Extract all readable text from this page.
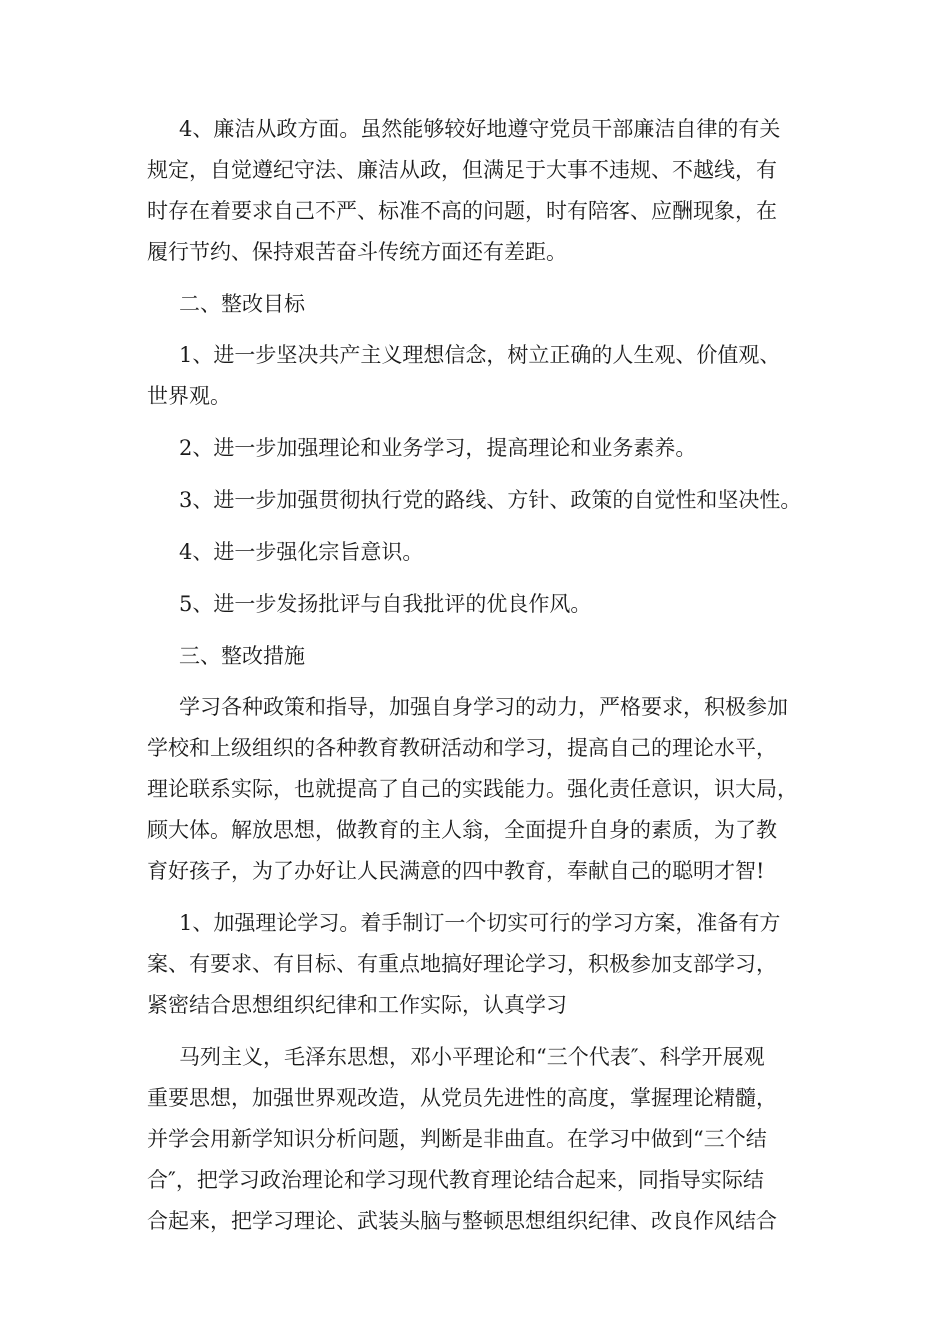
4、廉洁从政方面。虽然能够较好地遵守党员干部廉洁自律的有关

规定，自觉遵纪守法、廉洁从政，但满足于大事不违规、不越线，有

时存在着要求自己不严、标准不高的问题，时有陪客、应酬现象，在

履行节约、保持艰苦奋斗传统方面还有差距。

二、整改目标

1、进一步坚决共产主义理想信念，树立正确的人生观、价值观、

世界观。

2、进一步加强理论和业务学习，提高理论和业务素养。

3、进一步加强贯彻执行党的路线、方针、政策的自觉性和坚决性。

4、进一步强化宗旨意识。

5、进一步发扬批评与自我批评的优良作风。

三、整改措施

学习各种政策和指导，加强自身学习的动力，严格要求，积极参加

学校和上级组织的各种教育教研活动和学习，提高自己的理论水平，

理论联系实际，也就提高了自己的实践能力。强化责任意识，识大局，

顾大体。解放思想，做教育的主人翁，全面提升自身的素质，为了教

育好孩子，为了办好让人民满意的四中教育，奉献自己的聪明才智!

1、加强理论学习。着手制订一个切实可行的学习方案，准备有方

案、有要求、有目标、有重点地搞好理论学习，积极参加支部学习，

紧密结合思想组织纪律和工作实际，认真学习

马列主义，毛泽东思想，邓小平理论和“三个代表″、科学开展观

重要思想，加强世界观改造，从党员先进性的高度，掌握理论精髓，

并学会用新学知识分析问题，判断是非曲直。在学习中做到“三个结

合″，把学习政治理论和学习现代教育理论结合起来，同指导实际结

合起来，把学习理论、武装头脑与整顿思想组织纪律、改良作风结合
